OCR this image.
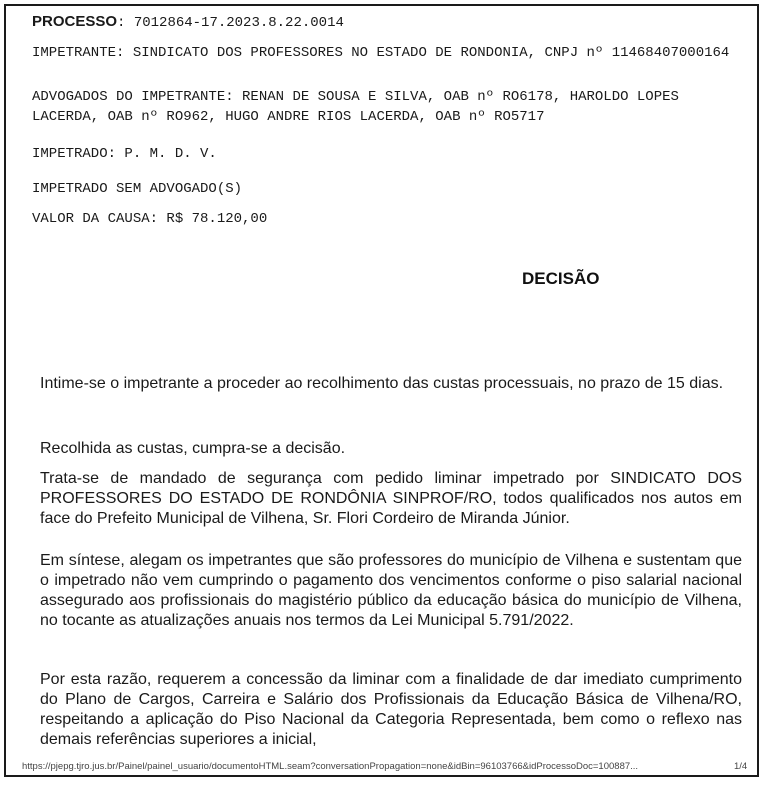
PROCESSO: 7012864-17.2023.8.22.0014
IMPETRANTE: SINDICATO DOS PROFESSORES NO ESTADO DE RONDONIA, CNPJ nº 11468407000164
ADVOGADOS DO IMPETRANTE: RENAN DE SOUSA E SILVA, OAB nº RO6178, HAROLDO LOPES LACERDA, OAB nº RO962, HUGO ANDRE RIOS LACERDA, OAB nº RO5717
IMPETRADO: P. M. D. V.
IMPETRADO SEM ADVOGADO(S)
VALOR DA CAUSA: R$ 78.120,00
DECISÃO
Intime-se o impetrante a proceder ao recolhimento das custas processuais, no prazo de 15 dias.
Recolhida as custas, cumpra-se a decisão.
Trata-se de mandado de segurança com pedido liminar impetrado por SINDICATO DOS PROFESSORES DO ESTADO DE RONDÔNIA SINPROF/RO, todos qualificados nos autos em face do Prefeito Municipal de Vilhena, Sr. Flori Cordeiro de Miranda Júnior.
Em síntese, alegam os impetrantes que são professores do município de Vilhena e sustentam que o impetrado não vem cumprindo o pagamento dos vencimentos conforme o piso salarial nacional assegurado aos profissionais do magistério público da educação básica do município de Vilhena, no tocante as atualizações anuais nos termos da Lei Municipal 5.791/2022.
Por esta razão, requerem a concessão da liminar com a finalidade de dar imediato cumprimento do Plano de Cargos, Carreira e Salário dos Profissionais da Educação Básica de Vilhena/RO, respeitando a aplicação do Piso Nacional da Categoria Representada, bem como o reflexo nas demais referências superiores a inicial,
https://pjepg.tjro.jus.br/Painel/painel_usuario/documentoHTML.seam?conversationPropagation=none&idBin=96103766&idProcessoDoc=100887...	1/4
